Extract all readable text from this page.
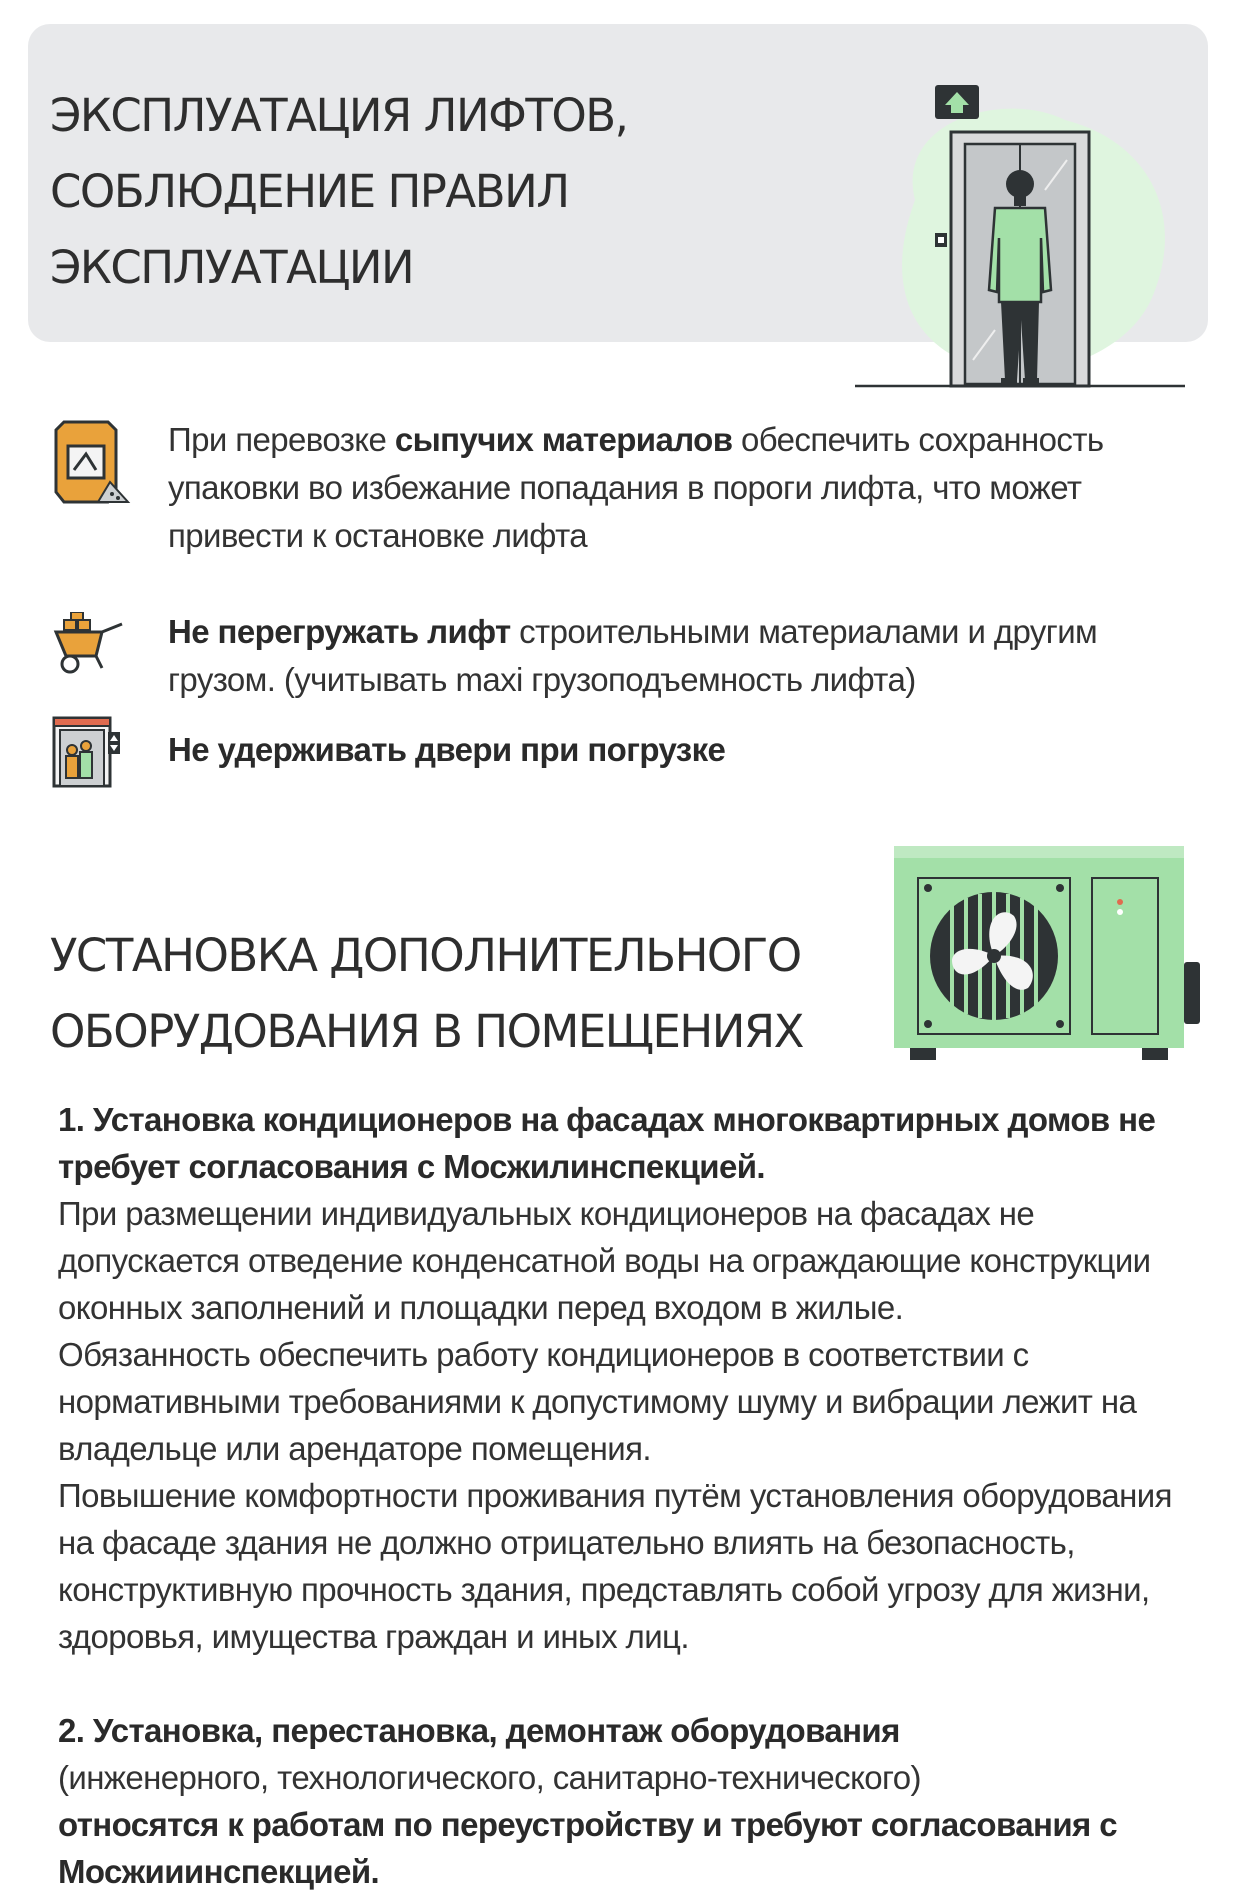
ЭКСПЛУАТАЦИЯ ЛИФТОВ,
СОБЛЮДЕНИЕ ПРАВИЛ
ЭКСПЛУАТАЦИИ
При перевозке сыпучих материалов обеспечить сохранность упаковки во избежание попадания в пороги лифта, что может привести к остановке лифта
Не перегружать лифт строительными материалами и другим грузом. (учитывать maxi грузоподъемность лифта)
Не удерживать двери при погрузке
УСТАНОВКА ДОПОЛНИТЕЛЬНОГО
ОБОРУДОВАНИЯ В ПОМЕЩЕНИЯХ

1. Установка кондиционеров на фасадах многоквартирных домов не требует согласования с Мосжилинспекцией.

При размещении индивидуальных кондиционеров на фасадах не допускается отведение конденсатной воды на ограждающие конструкции оконных заполнений и площадки перед входом в жилые.

Обязанность обеспечить работу кондиционеров в соответствии с нормативными требованиями к допустимому шуму и вибрации лежит на владельце или арендаторе помещения.

Повышение комфортности проживания путём установления оборудования на фасаде здания не должно отрицательно влиять на безопасность, конструктивную прочность здания, представлять собой угрозу для жизни, здоровья, имущества граждан и иных лиц.

2. Установка, перестановка, демонтаж оборудования

(инженерного, технологического, санитарно-технического)

относятся к работам по переустройству и требуют согласования с Мосжииинспекцией.
